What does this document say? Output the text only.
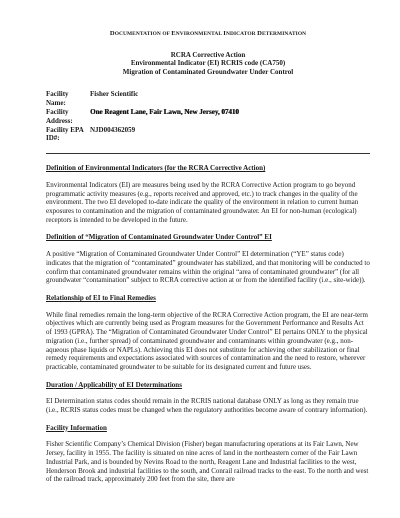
DOCUMENTATION OF ENVIRONMENTAL INDICATOR DETERMINATION
RCRA Corrective Action
Environmental Indicator (EI) RCRIS code (CA750)
Migration of Contaminated Groundwater Under Control
Facility Name:
Fisher Scientific
Facility Address:
One Reagent Lane, Fair Lawn, New Jersey, 07410
Facility EPA ID#:
NJD004362059
Definition of Environmental Indicators (for the RCRA Corrective Action)
Environmental Indicators (EI) are measures being used by the RCRA Corrective Action program to go beyond programmatic activity measures (e.g., reports received and approved, etc.) to track changes in the quality of the environment. The two EI developed to-date indicate the quality of the environment in relation to current human exposures to contamination and the migration of contaminated groundwater. An EI for non-human (ecological) receptors is intended to be developed in the future.
Definition of “Migration of Contaminated Groundwater Under Control” EI
A positive “Migration of Contaminated Groundwater Under Control” EI determination (“YE” status code) indicates that the migration of “contaminated” groundwater has stabilized, and that monitoring will be conducted to confirm that contaminated groundwater remains within the original “area of contaminated groundwater” (for all groundwater “contamination” subject to RCRA corrective action at or from the identified facility (i.e., site-wide)).
Relationship of EI to Final Remedies
While final remedies remain the long-term objective of the RCRA Corrective Action program, the EI are near-term objectives which are currently being used as Program measures for the Government Performance and Results Act of 1993 (GPRA). The “Migration of Contaminated Groundwater Under Control” EI pertains ONLY to the physical migration (i.e., further spread) of contaminated groundwater and contaminants within groundwater (e.g., non-aqueous phase liquids or NAPLs). Achieving this EI does not substitute for achieving other stabilization or final remedy requirements and expectations associated with sources of contamination and the need to restore, wherever practicable, contaminated groundwater to be suitable for its designated current and future uses.
Duration / Applicability of EI Determinations
EI Determination status codes should remain in the RCRIS national database ONLY as long as they remain true (i.e., RCRIS status codes must be changed when the regulatory authorities become aware of contrary information).
Facility Information
Fisher Scientific Company’s Chemical Division (Fisher) began manufacturing operations at its Fair Lawn, New Jersey, facility in 1955. The facility is situated on nine acres of land in the northeastern corner of the Fair Lawn Industrial Park, and is bounded by Nevins Road to the north, Reagent Lane and Industrial facilities to the west, Henderson Brook and industrial facilities to the south, and Conrail railroad tracks to the east. To the north and west of the railroad track, approximately 200 feet from the site, there are
